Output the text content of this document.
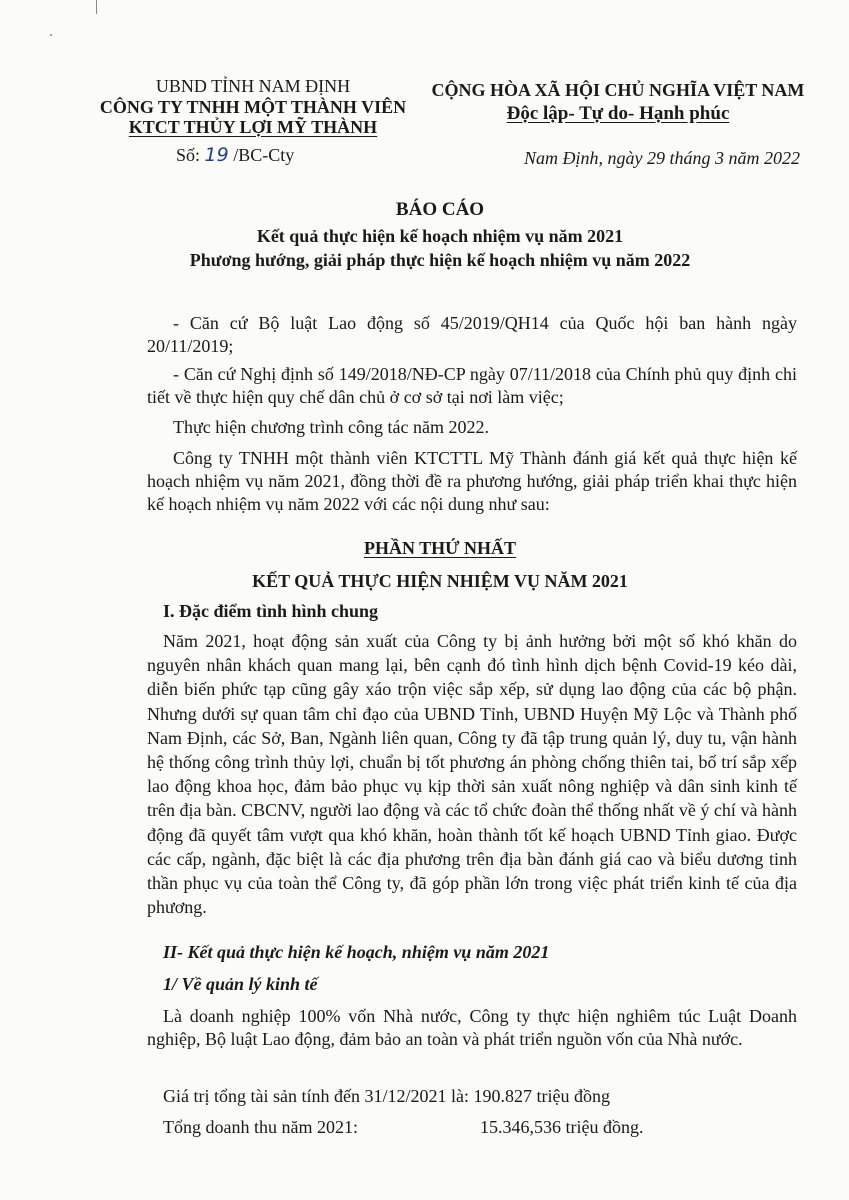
UBND TỈNH NAM ĐỊNH
CÔNG TY TNHH MỘT THÀNH VIÊN
KTCT THỦY LỢI MỸ THÀNH
CỘNG HÒA XÃ HỘI CHỦ NGHĨA VIỆT NAM
Độc lập- Tự do- Hạnh phúc
Số: 19 /BC-Cty	Nam Định, ngày 29 tháng 3 năm 2022
BÁO CÁO
Kết quả thực hiện kế hoạch nhiệm vụ năm 2021
Phương hướng, giải pháp thực hiện kế hoạch nhiệm vụ năm 2022

- Căn cứ Bộ luật Lao động số 45/2019/QH14 của Quốc hội ban hành ngày 20/11/2019;

- Căn cứ Nghị định số 149/2018/NĐ-CP ngày 07/11/2018 của Chính phủ quy định chi tiết về thực hiện quy chế dân chủ ở cơ sở tại nơi làm việc;

Thực hiện chương trình công tác năm 2022.

Công ty TNHH một thành viên KTCTTL Mỹ Thành đánh giá kết quả thực hiện kế hoạch nhiệm vụ năm 2021, đồng thời đề ra phương hướng, giải pháp triển khai thực hiện kế hoạch nhiệm vụ năm 2022 với các nội dung như sau:

PHẦN THỨ NHẤT
KẾT QUẢ THỰC HIỆN NHIỆM VỤ NĂM 2021
I. Đặc điểm tình hình chung

Năm 2021, hoạt động sản xuất của Công ty bị ảnh hưởng bởi một số khó khăn do nguyên nhân khách quan mang lại, bên cạnh đó tình hình dịch bệnh Covid-19 kéo dài, diễn biến phức tạp cũng gây xáo trộn việc sắp xếp, sử dụng lao động của các bộ phận. Nhưng dưới sự quan tâm chỉ đạo của UBND Tỉnh, UBND Huyện Mỹ Lộc và Thành phố Nam Định, các Sở, Ban, Ngành liên quan, Công ty đã tập trung quản lý, duy tu, vận hành hệ thống công trình thủy lợi, chuẩn bị tốt phương án phòng chống thiên tai, bố trí sắp xếp lao động khoa học, đảm bảo phục vụ kịp thời sản xuất nông nghiệp và dân sinh kinh tế trên địa bàn. CBCNV, người lao động và các tổ chức đoàn thể thống nhất về ý chí và hành động đã quyết tâm vượt qua khó khăn, hoàn thành tốt kế hoạch UBND Tỉnh giao. Được các cấp, ngành, đặc biệt là các địa phương trên địa bàn đánh giá cao và biểu dương tinh thần phục vụ của toàn thể Công ty, đã góp phần lớn trong việc phát triển kinh tế của địa phương.

II- Kết quả thực hiện kế hoạch, nhiệm vụ năm 2021
1/ Về quản lý kinh tế

Là doanh nghiệp 100% vốn Nhà nước, Công ty thực hiện nghiêm túc Luật Doanh nghiệp, Bộ luật Lao động, đảm bảo an toàn và phát triển nguồn vốn của Nhà nước.

Giá trị tổng tài sản tính đến 31/12/2021 là: 190.827 triệu đồng
Tổng doanh thu năm 2021:	15.346,536 triệu đồng.
